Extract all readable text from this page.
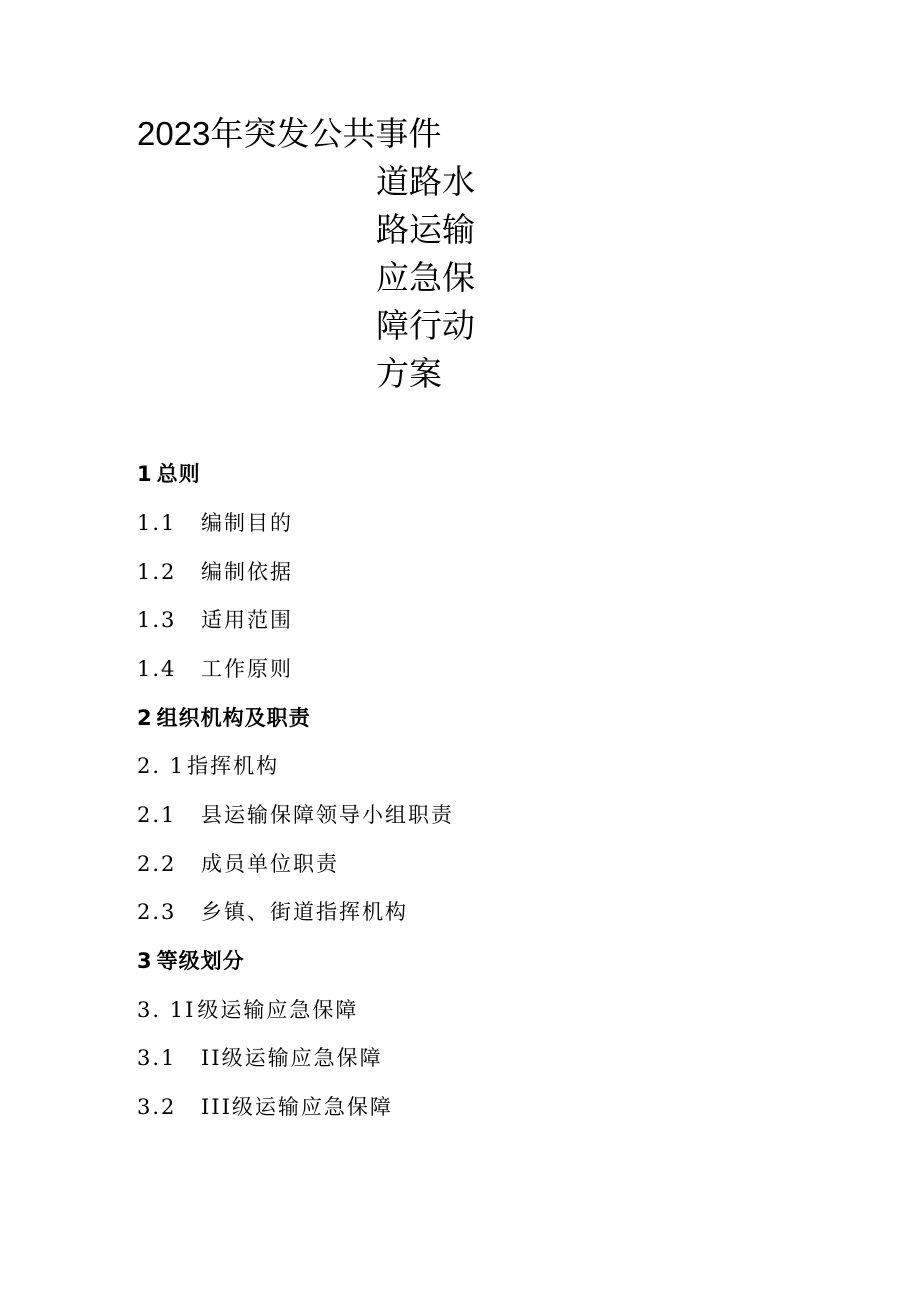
2023年突发公共事件
道路水
路运输
应急保
障行动
方案
1 总则
1.1 编制目的
1.2 编制依据
1.3 适用范围
1.4 工作原则
2 组织机构及职责
2. 1指挥机构
2.1 县运输保障领导小组职责
2.2 成员单位职责
2.3 乡镇、街道指挥机构
3 等级划分
3. 1I级运输应急保障
3.1 II级运输应急保障
3.2 III级运输应急保障
